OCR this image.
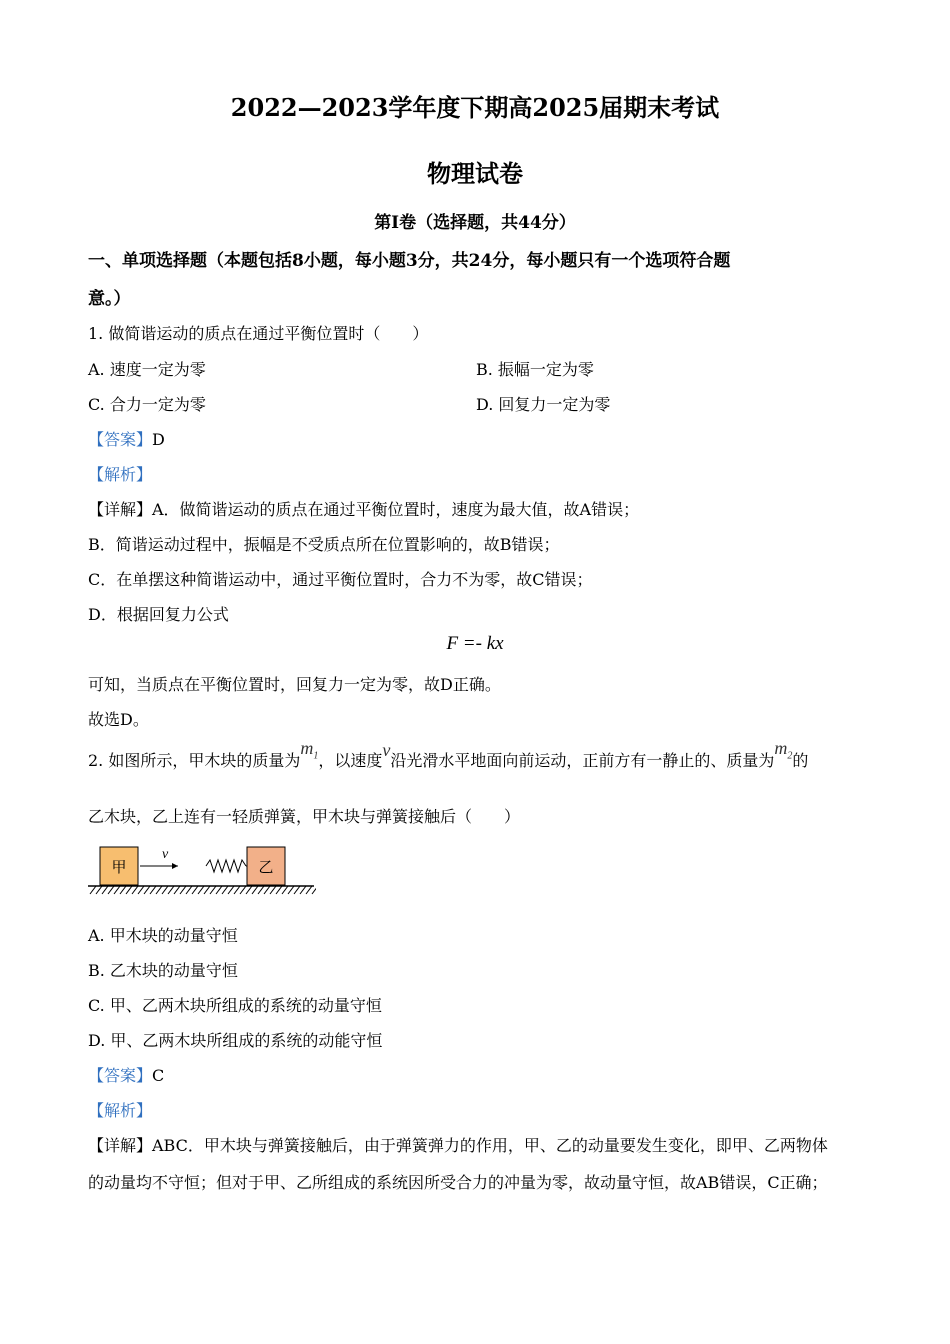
2022—2023学年度下期高2025届期末考试
物理试卷
第I卷（选择题，共44分）
一、单项选择题（本题包括8小题，每小题3分，共24分，每小题只有一个选项符合题
意。）
1. 做简谐运动的质点在通过平衡位置时（　　）
A. 速度一定为零	B. 振幅一定为零
C. 合力一定为零	D. 回复力一定为零
【答案】D
【解析】
【详解】A．做简谐运动的质点在通过平衡位置时，速度为最大值，故A错误；
B．简谐运动过程中，振幅是不受质点所在位置影响的，故B错误；
C．在单摆这种简谐运动中，通过平衡位置时，合力不为零，故C错误；
D．根据回复力公式
F =- kx
可知，当质点在平衡位置时，回复力一定为零，故D正确。
故选D。
2. 如图所示，甲木块的质量为$m_1$，以速度v沿光滑水平地面向前运动，正前方有一静止的、质量为$m_2$的
乙木块，乙上连有一轻质弹簧，甲木块与弹簧接触后（　　）
甲
v
乙
A. 甲木块的动量守恒
B. 乙木块的动量守恒
C. 甲、乙两木块所组成的系统的动量守恒
D. 甲、乙两木块所组成的系统的动能守恒
【答案】C
【解析】
【详解】ABC．甲木块与弹簧接触后，由于弹簧弹力的作用，甲、乙的动量要发生变化，即甲、乙两物体
的动量均不守恒；但对于甲、乙所组成的系统因所受合力的冲量为零，故动量守恒，故AB错误，C正确；
